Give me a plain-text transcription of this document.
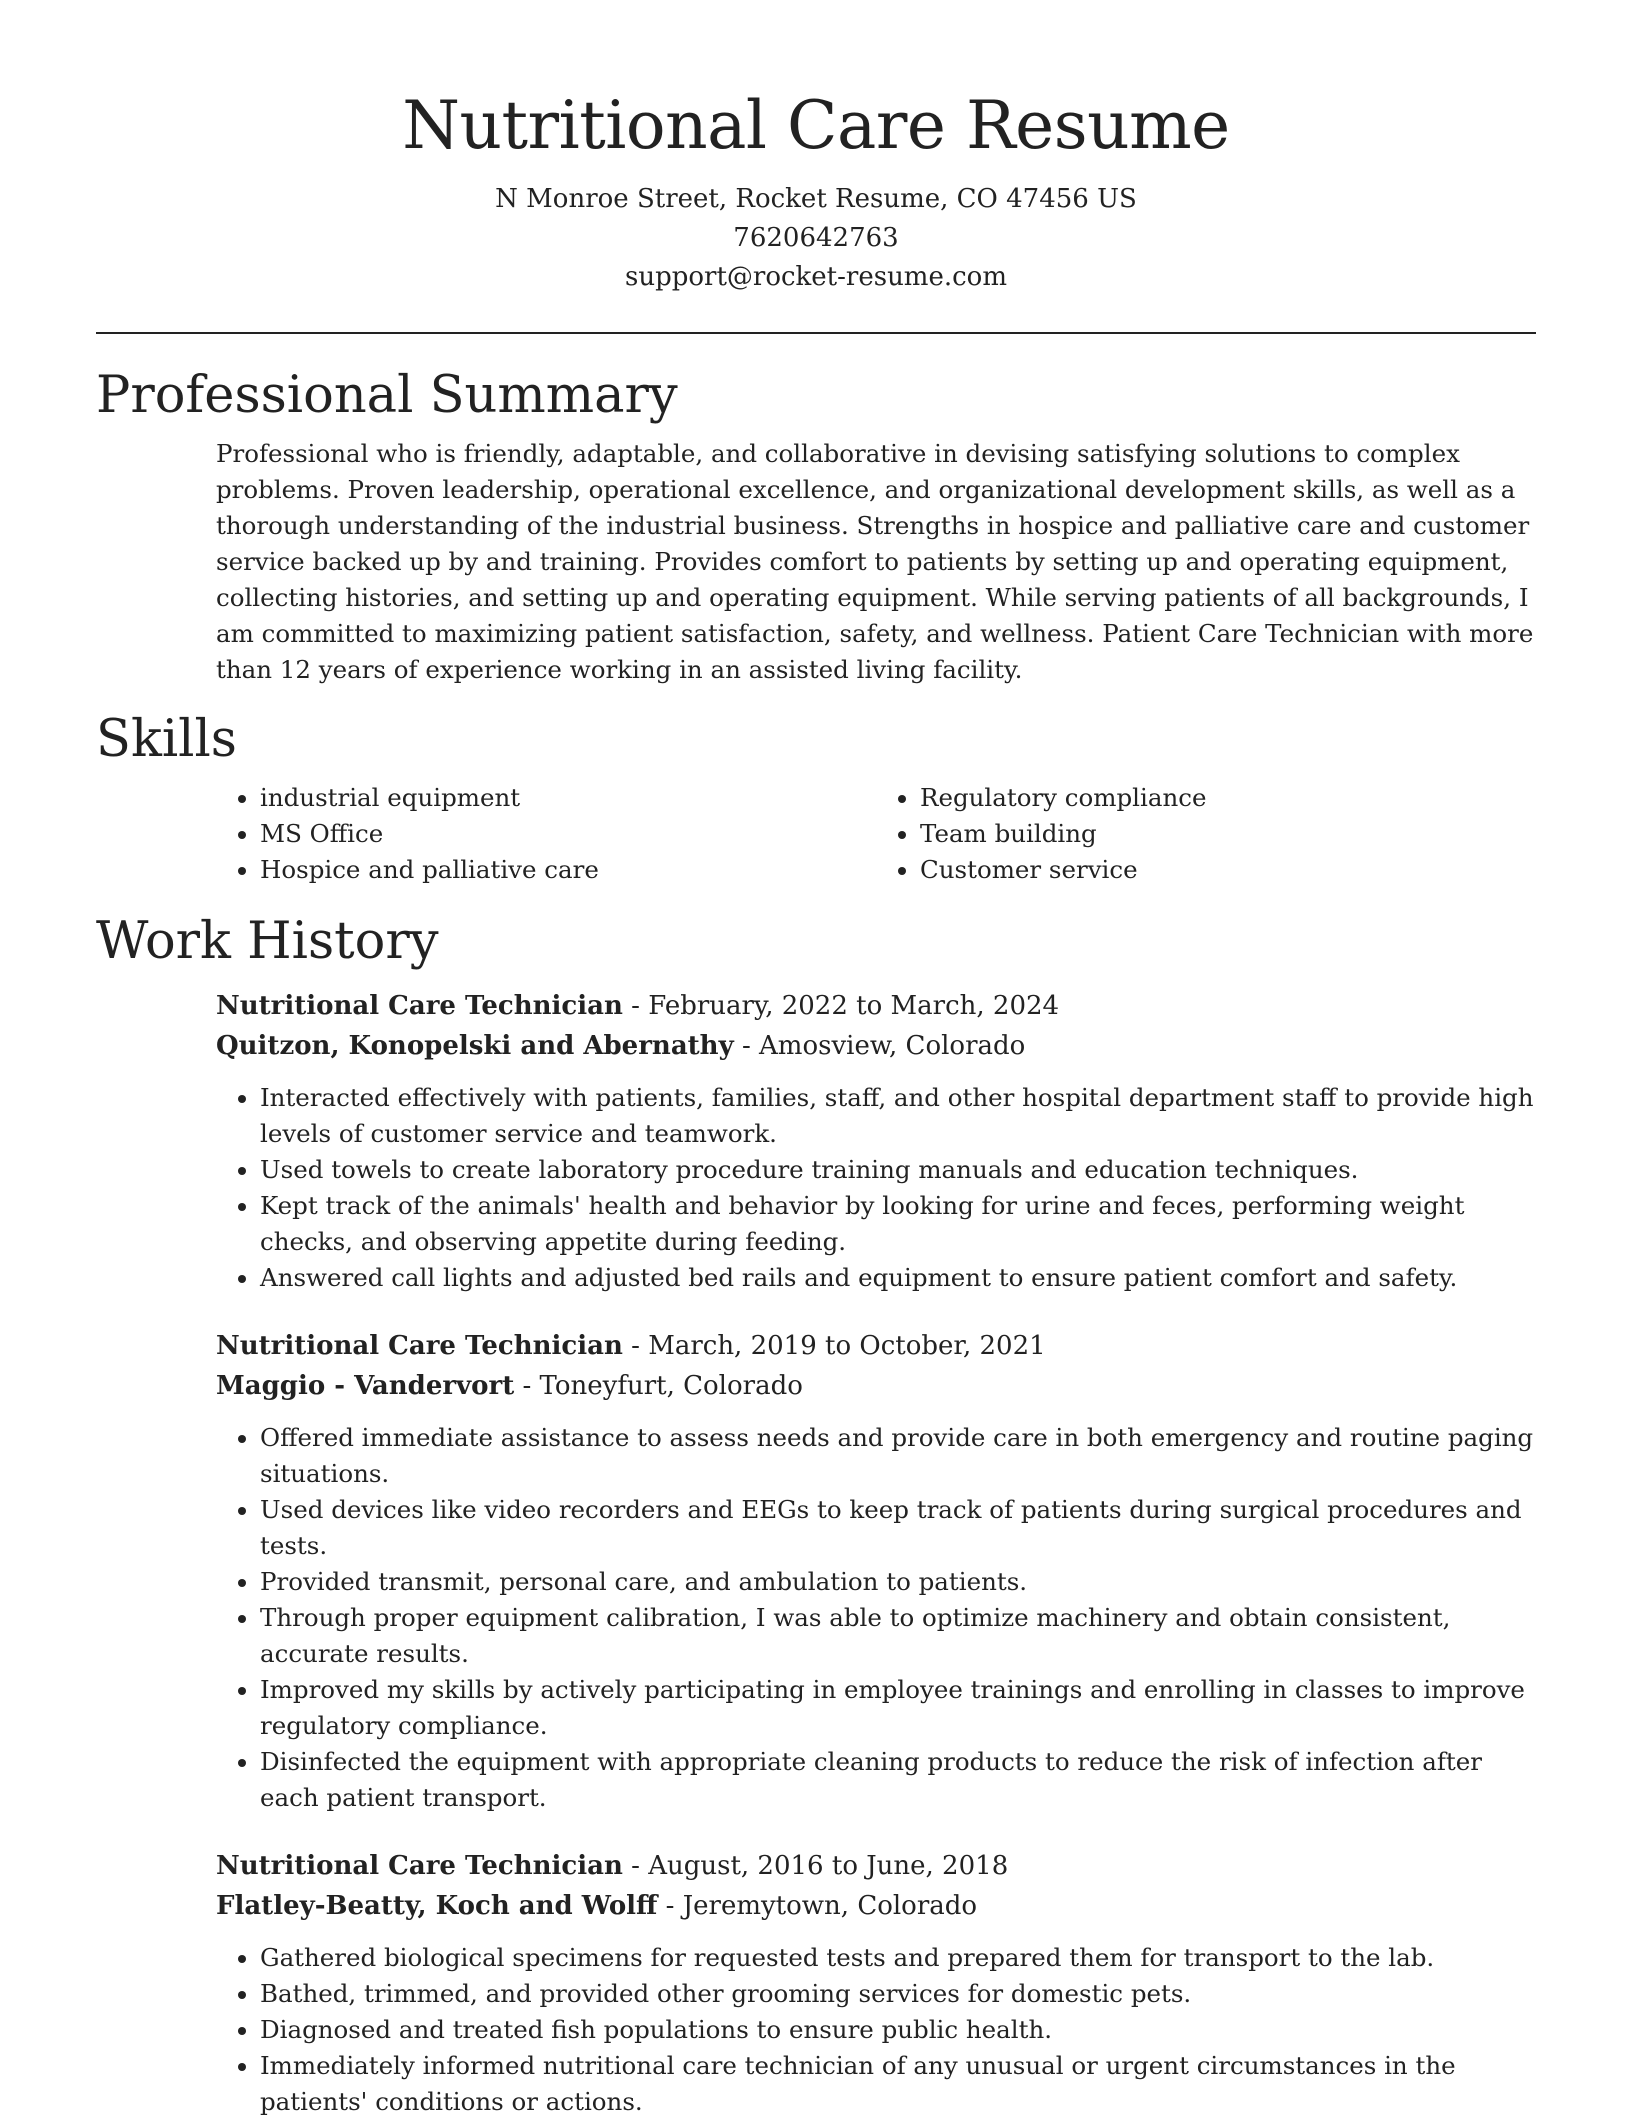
Nutritional Care Resume
N Monroe Street, Rocket Resume, CO 47456 US
7620642763
support@rocket-resume.com
Professional Summary

Professional who is friendly, adaptable, and collaborative in devising satisfying solutions to complex problems. Proven leadership, operational excellence, and organizational development skills, as well as a thorough understanding of the industrial business. Strengths in hospice and palliative care and customer service backed up by and training. Provides comfort to patients by setting up and operating equipment, collecting histories, and setting up and operating equipment. While serving patients of all backgrounds, I am committed to maximizing patient satisfaction, safety, and wellness. Patient Care Technician with more than 12 years of experience working in an assisted living facility.

Skills
• industrial equipment
• MS Office
• Hospice and palliative care
• Regulatory compliance
• Team building
• Customer service
Work History
Nutritional Care Technician - February, 2022 to March, 2024
Quitzon, Konopelski and Abernathy - Amosview, Colorado
• Interacted effectively with patients, families, staff, and other hospital department staff to provide high levels of customer service and teamwork.
• Used towels to create laboratory procedure training manuals and education techniques.
• Kept track of the animals' health and behavior by looking for urine and feces, performing weight checks, and observing appetite during feeding.
• Answered call lights and adjusted bed rails and equipment to ensure patient comfort and safety.
Nutritional Care Technician - March, 2019 to October, 2021
Maggio - Vandervort - Toneyfurt, Colorado
• Offered immediate assistance to assess needs and provide care in both emergency and routine paging situations.
• Used devices like video recorders and EEGs to keep track of patients during surgical procedures and tests.
• Provided transmit, personal care, and ambulation to patients.
• Through proper equipment calibration, I was able to optimize machinery and obtain consistent, accurate results.
• Improved my skills by actively participating in employee trainings and enrolling in classes to improve regulatory compliance.
• Disinfected the equipment with appropriate cleaning products to reduce the risk of infection after each patient transport.
Nutritional Care Technician - August, 2016 to June, 2018
Flatley-Beatty, Koch and Wolff - Jeremytown, Colorado
• Gathered biological specimens for requested tests and prepared them for transport to the lab.
• Bathed, trimmed, and provided other grooming services for domestic pets.
• Diagnosed and treated fish populations to ensure public health.
• Immediately informed nutritional care technician of any unusual or urgent circumstances in the patients' conditions or actions.
